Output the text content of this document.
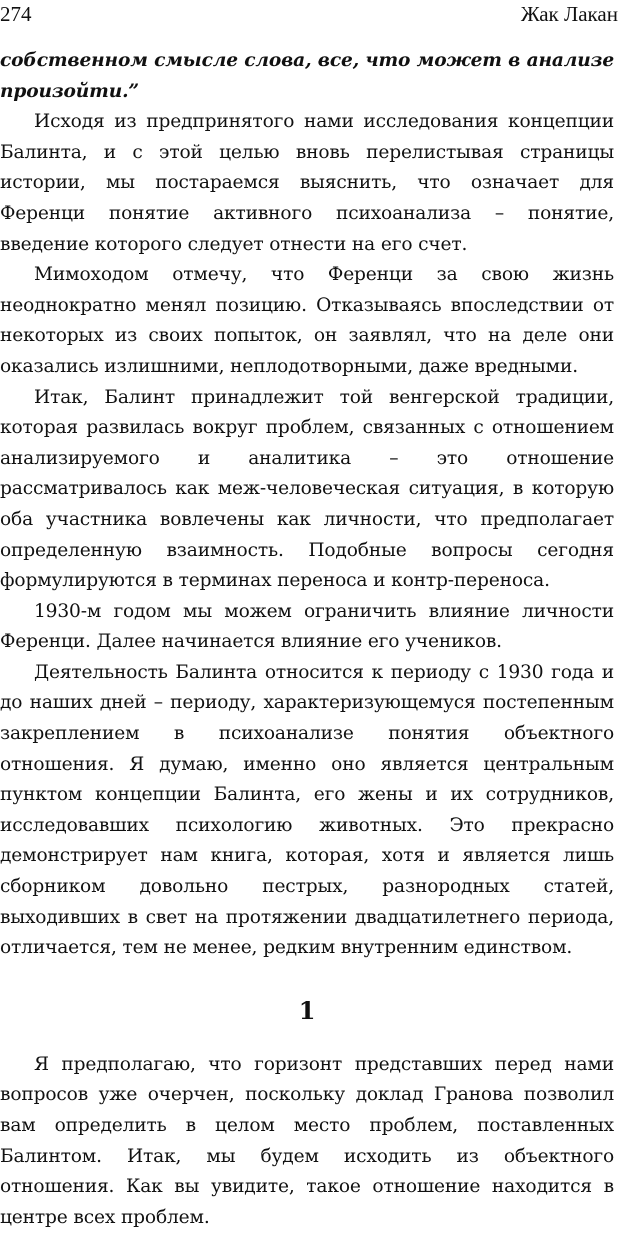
274	Жак Лакан

собственном смысле слова, все, что может в анализе произойти.”

Исходя из предпринятого нами исследования концепции Балинта, и с этой целью вновь перелистывая страницы истории, мы постараемся выяснить, что означает для Ференци понятие активного психоанализа – понятие, введение которого следует отнести на его счет.

Мимоходом отмечу, что Ференци за свою жизнь неоднократно менял позицию. Отказываясь впоследствии от некоторых из своих попыток, он заявлял, что на деле они оказались излишними, неплодотворными, даже вредными.

Итак, Балинт принадлежит той венгерской традиции, которая развилась вокруг проблем, связанных с отношением анализируемого и аналитика – это отношение рассматривалось как меж-человеческая ситуация, в которую оба участника вовлечены как личности, что предполагает определенную взаимность. Подобные вопросы сегодня формулируются в терминах переноса и контр-переноса.

1930-м годом мы можем ограничить влияние личности Ференци. Далее начинается влияние его учеников.

Деятельность Балинта относится к периоду с 1930 года и до наших дней – периоду, характеризующемуся постепенным закреплением в психоанализе понятия объектного отношения. Я думаю, именно оно является центральным пунктом концепции Балинта, его жены и их сотрудников, исследовавших психологию животных. Это прекрасно демонстрирует нам книга, которая, хотя и является лишь сборником довольно пестрых, разнородных статей, выходивших в свет на протяжении двадцатилетнего периода, отличается, тем не менее, редким внутренним единством.

1

Я предполагаю, что горизонт представших перед нами вопросов уже очерчен, поскольку доклад Гранова позволил вам определить в целом место проблем, поставленных Балинтом. Итак, мы будем исходить из объектного отношения. Как вы увидите, такое отношение находится в центре всех проблем.
